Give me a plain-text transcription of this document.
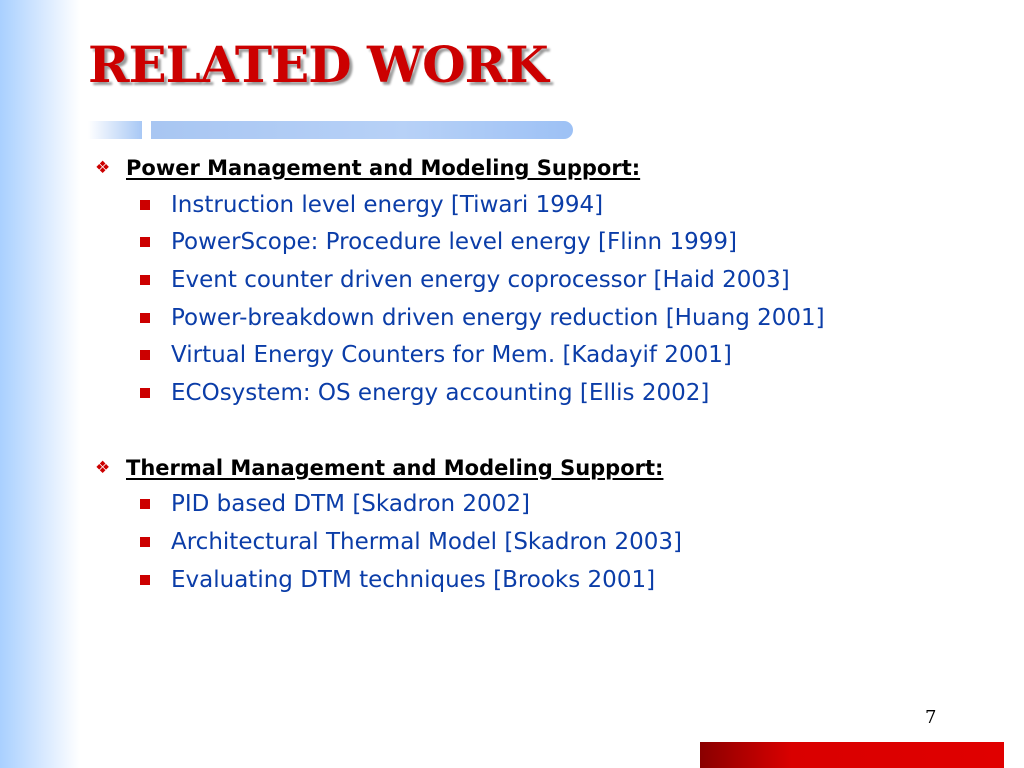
RELATED WORK
❖ Power Management and Modeling Support:
Instruction level energy [Tiwari 1994]
PowerScope: Procedure level energy [Flinn 1999]
Event counter driven energy coprocessor [Haid 2003]
Power-breakdown driven energy reduction [Huang 2001]
Virtual Energy Counters for Mem. [Kadayif 2001]
ECOsystem: OS energy accounting [Ellis 2002]
❖ Thermal Management and Modeling Support:
PID based DTM [Skadron 2002]
Architectural Thermal Model [Skadron 2003]
Evaluating DTM techniques [Brooks 2001]
7
